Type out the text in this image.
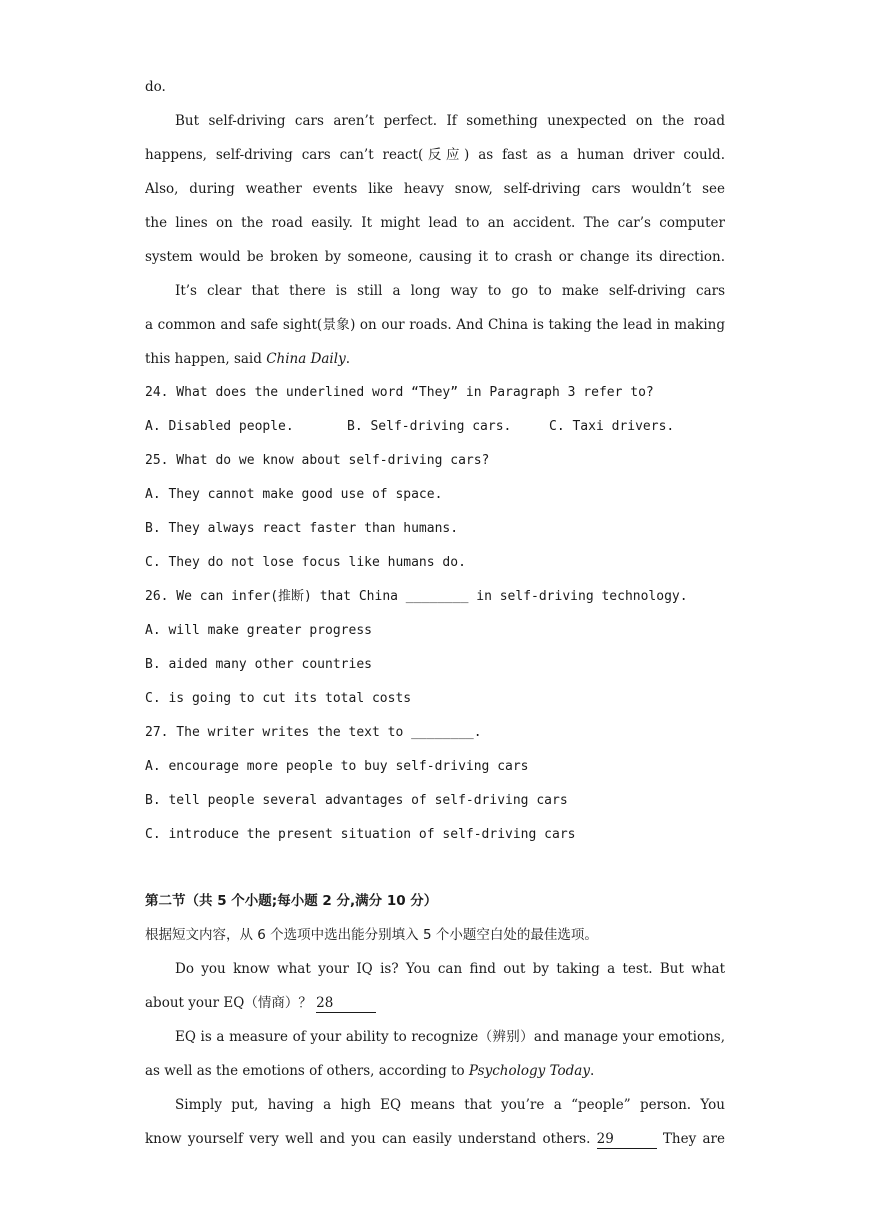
do.
But self-driving cars aren’t perfect. If something unexpected on the road
happens, self-driving cars can’t react(反应) as fast as a human driver could.
Also, during weather events like heavy snow, self-driving cars wouldn’t see
the lines on the road easily. It might lead to an accident. The car’s computer
system would be broken by someone, causing it to crash or change its direction.
It’s clear that there is still a long way to go to make self-driving cars
a common and safe sight(景象) on our roads. And China is taking the lead in making
this happen, said China Daily.
24. What does the underlined word “They” in Paragraph 3 refer to?
A. Disabled people.	B. Self-driving cars.	C. Taxi drivers.
25. What do we know about self-driving cars?
A. They cannot make good use of space.
B. They always react faster than humans.
C. They do not lose focus like humans do.
26. We can infer(推断) that China ________ in self-driving technology.
A. will make greater progress
B. aided many other countries
C. is going to cut its total costs
27. The writer writes the text to ________.
A. encourage more people to buy self-driving cars
B. tell people several advantages of self-driving cars
C. introduce the present situation of self-driving cars
第二节（共 5 个小题;每小题 2 分,满分 10 分）
根据短文内容，从 6 个选项中选出能分别填入 5 个小题空白处的最佳选项。
Do you know what your IQ is? You can find out by taking a test. But what
about your EQ（情商）？ 28
EQ is a measure of your ability to recognize（辨别）and manage your emotions,
as well as the emotions of others, according to Psychology Today.
Simply put, having a high EQ means that you’re a “people” person. You
know yourself very well and you can easily understand others. 29	They are
